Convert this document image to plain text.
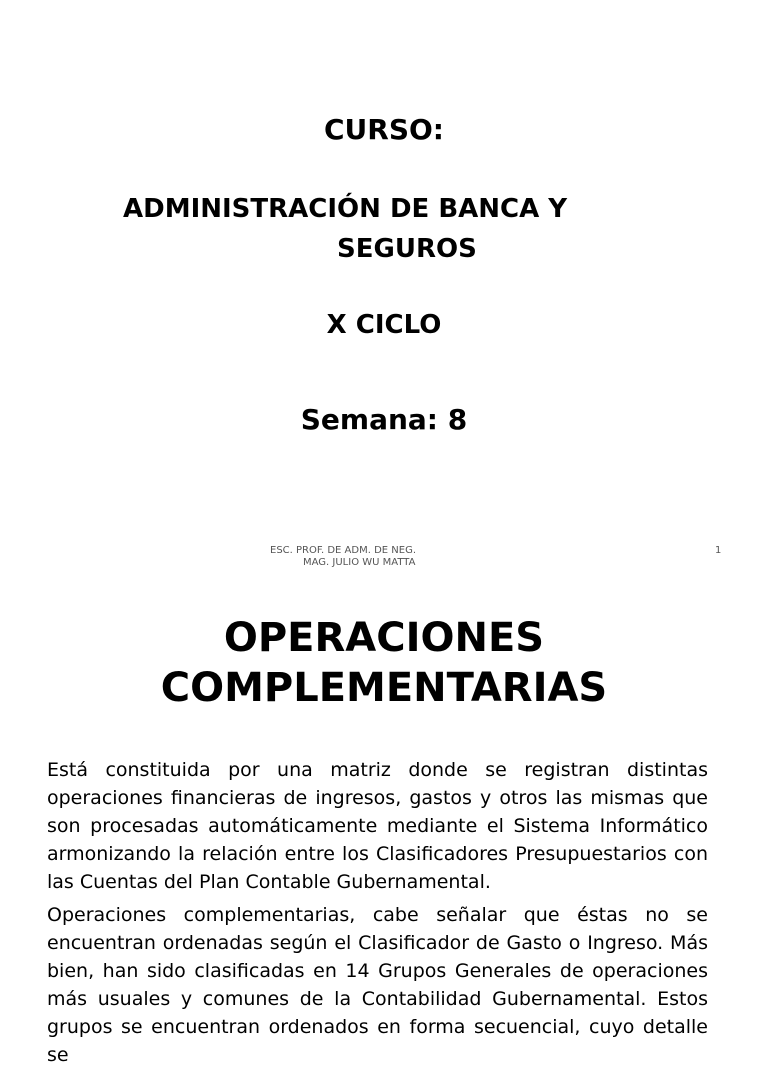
CURSO:
ADMINISTRACIÓN DE BANCA Y
SEGUROS
X CICLO
Semana: 8
ESC. PROF. DE ADM. DE NEG.
MAG. JULIO WU MATTA
1
OPERACIONES COMPLEMENTARIAS

Está constituida por una matriz donde se registran distintas operaciones financieras de ingresos, gastos y otros las mismas que son procesadas automáticamente mediante el Sistema Informático armonizando la relación entre los Clasificadores Presupuestarios con las Cuentas del Plan Contable Gubernamental.

Operaciones complementarias, cabe señalar que éstas no se encuentran ordenadas según el Clasificador de Gasto o Ingreso. Más bien, han sido clasificadas en 14 Grupos Generales de operaciones más usuales y comunes de la Contabilidad Gubernamental. Estos grupos se encuentran ordenados en forma secuencial, cuyo detalle se
